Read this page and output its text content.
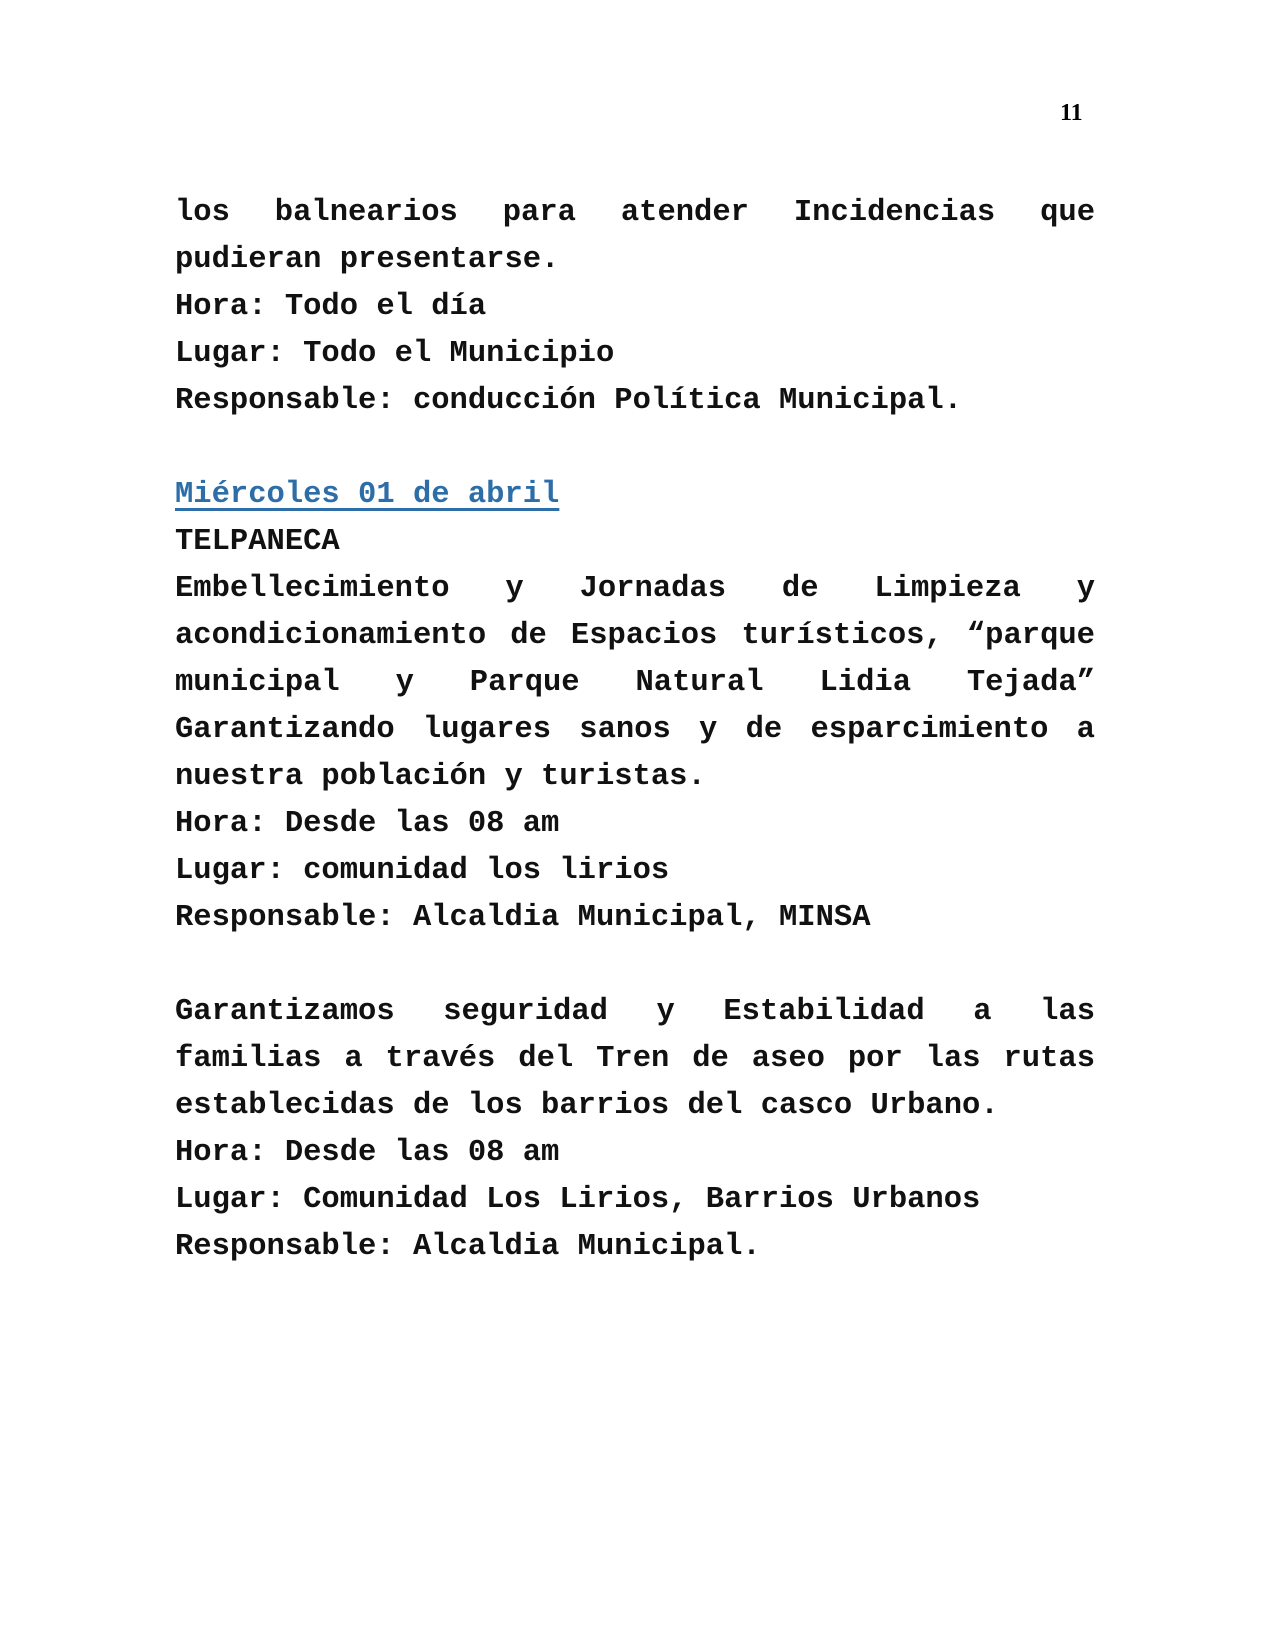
11

los balnearios para atender Incidencias que pudieran presentarse.

Hora: Todo el día

Lugar: Todo el Municipio

Responsable: conducción Política Municipal.

Miércoles 01 de abril

TELPANECA

Embellecimiento y Jornadas de Limpieza y acondicionamiento de Espacios turísticos, “parque municipal y Parque Natural Lidia Tejada” Garantizando lugares sanos y de esparcimiento a nuestra población y turistas.

Hora: Desde las 08 am

Lugar: comunidad los lirios

Responsable: Alcaldia Municipal, MINSA

Garantizamos seguridad y Estabilidad a las familias a través del Tren de aseo por las rutas establecidas de los barrios del casco Urbano.

Hora: Desde las 08 am

Lugar: Comunidad Los Lirios, Barrios Urbanos

Responsable: Alcaldia Municipal.
